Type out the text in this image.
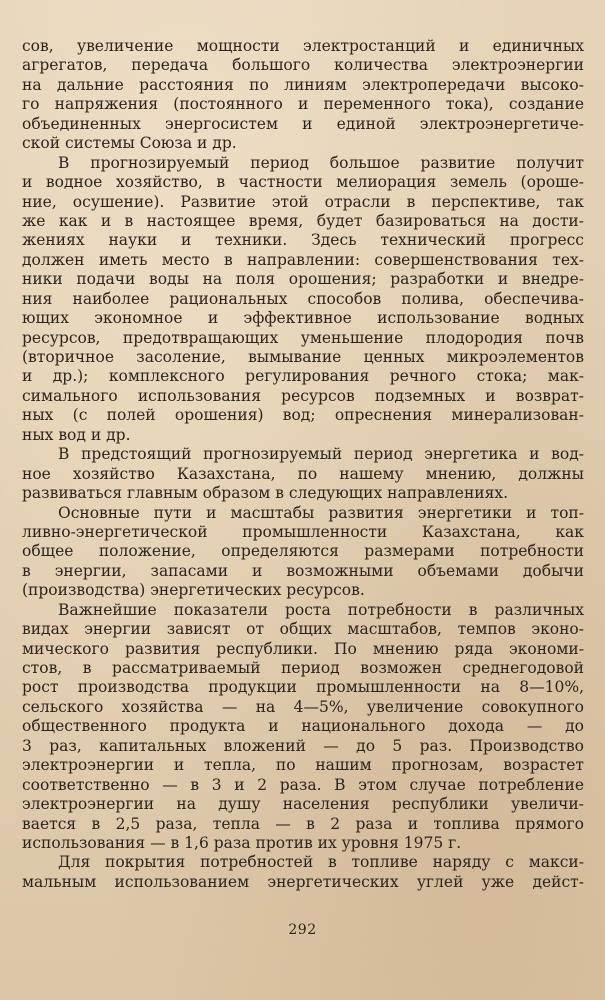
сов, увеличение мощности электростанций и единичных
агрегатов, передача большого количества электроэнергии
на дальние расстояния по линиям электропередачи высоко-
го напряжения (постоянного и переменного тока), создание
объединенных энергосистем и единой электроэнергетиче-
ской системы Союза и др.
В прогнозируемый период большое развитие получит
и водное хозяйство, в частности мелиорация земель (ороше-
ние, осушение). Развитие этой отрасли в перспективе, так
же как и в настоящее время, будет базироваться на дости-
жениях науки и техники. Здесь технический прогресс
должен иметь место в направлении: совершенствования тех-
ники подачи воды на поля орошения; разработки и внедре-
ния наиболее рациональных способов полива, обеспечива-
ющих экономное и эффективное использование водных
ресурсов, предотвращающих уменьшение плодородия почв
(вторичное засоление, вымывание ценных микроэлементов
и др.); комплексного регулирования речного стока; мак-
симального использования ресурсов подземных и возврат-
ных (с полей орошения) вод; опреснения минерализован-
ных вод и др.
В предстоящий прогнозируемый период энергетика и вод-
ное хозяйство Казахстана, по нашему мнению, должны
развиваться главным образом в следующих направлениях.
Основные пути и масштабы развития энергетики и топ-
ливно-энергетической промышленности Казахстана, как
общее положение, определяются размерами потребности
в энергии, запасами и возможными объемами добычи
(производства) энергетических ресурсов.
Важнейшие показатели роста потребности в различных
видах энергии зависят от общих масштабов, темпов эконо-
мического развития республики. По мнению ряда экономи-
стов, в рассматриваемый период возможен среднегодовой
рост производства продукции промышленности на 8—10%,
сельского хозяйства — на 4—5%, увеличение совокупного
общественного продукта и национального дохода — до
3 раз, капитальных вложений — до 5 раз. Производство
электроэнергии и тепла, по нашим прогнозам, возрастет
соответственно — в 3 и 2 раза. В этом случае потребление
электроэнергии на душу населения республики увеличи-
вается в 2,5 раза, тепла — в 2 раза и топлива прямого
использования — в 1,6 раза против их уровня 1975 г.
Для покрытия потребностей в топливе наряду с макси-
мальным использованием энергетических углей уже дейст-
292
